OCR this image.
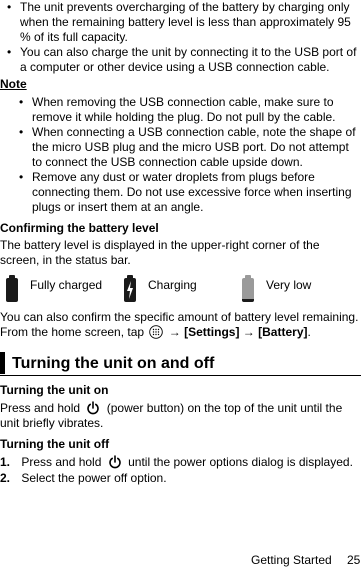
• The unit prevents overcharging of the battery by charging only when the remaining battery level is less than approximately 95 % of its full capacity.

• You can also charge the unit by connecting it to the USB port of a computer or other device using a USB connection cable.

Note

• When removing the USB connection cable, make sure to remove it while holding the plug. Do not pull by the cable.

• When connecting a USB connection cable, note the shape of the micro USB plug and the micro USB port. Do not attempt to connect the USB connection cable upside down.

• Remove any dust or water droplets from plugs before connecting them. Do not use excessive force when inserting plugs or insert them at an angle.

Confirming the battery level
The battery level is displayed in the upper-right corner of the screen, in the status bar.
Fully charged	Charging	Very low
You can also confirm the specific amount of battery level remaining. From the home screen, tap → [Settings] → [Battery].
Turning the unit on and off
Turning the unit on
Press and hold (power button) on the top of the unit until the unit briefly vibrates.
Turning the unit off
1. Press and hold until the power options dialog is displayed.
2. Select the power off option.
Getting Started 25
